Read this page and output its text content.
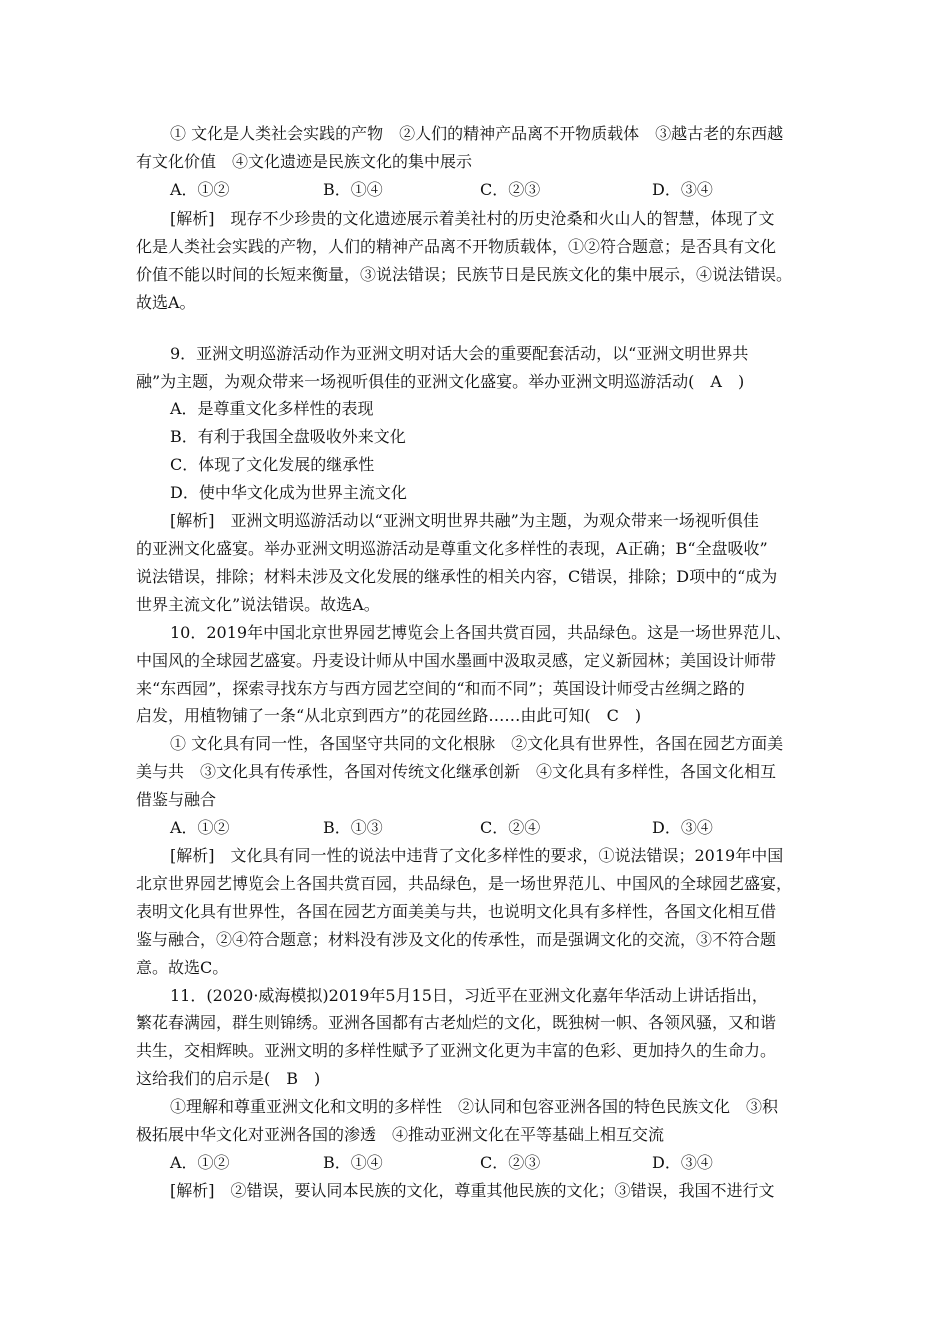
① 文化是人类社会实践的产物　②人们的精神产品离不开物质载体　③越古老的东西越
有文化价值　④文化遗迹是民族文化的集中展示
A．①②	B．①④	C．②③	D．③④
[解析]　现存不少珍贵的文化遗迹展示着美社村的历史沧桑和火山人的智慧，体现了文
化是人类社会实践的产物，人们的精神产品离不开物质载体，①②符合题意；是否具有文化
价值不能以时间的长短来衡量，③说法错误；民族节日是民族文化的集中展示，④说法错误。
故选A。
9．亚洲文明巡游活动作为亚洲文明对话大会的重要配套活动，以“亚洲文明世界共
融”为主题，为观众带来一场视听俱佳的亚洲文化盛宴。举办亚洲文明巡游活动(　A　)
A．是尊重文化多样性的表现
B．有利于我国全盘吸收外来文化
C．体现了文化发展的继承性
D．使中华文化成为世界主流文化
[解析]　亚洲文明巡游活动以“亚洲文明世界共融”为主题，为观众带来一场视听俱佳
的亚洲文化盛宴。举办亚洲文明巡游活动是尊重文化多样性的表现，A正确；B“全盘吸收”
说法错误，排除；材料未涉及文化发展的继承性的相关内容，C错误，排除；D项中的“成为
世界主流文化”说法错误。故选A。
10．2019年中国北京世界园艺博览会上各国共赏百园，共品绿色。这是一场世界范儿、
中国风的全球园艺盛宴。丹麦设计师从中国水墨画中汲取灵感，定义新园林；美国设计师带
来“东西园”，探索寻找东方与西方园艺空间的“和而不同”；英国设计师受古丝绸之路的
启发，用植物铺了一条“从北京到西方”的花园丝路……由此可知(　C　)
① 文化具有同一性，各国坚守共同的文化根脉　②文化具有世界性，各国在园艺方面美
美与共　③文化具有传承性，各国对传统文化继承创新　④文化具有多样性，各国文化相互
借鉴与融合
A．①②	B．①③	C．②④	D．③④
[解析]　文化具有同一性的说法中违背了文化多样性的要求，①说法错误；2019年中国
北京世界园艺博览会上各国共赏百园，共品绿色，是一场世界范儿、中国风的全球园艺盛宴，
表明文化具有世界性，各国在园艺方面美美与共，也说明文化具有多样性，各国文化相互借
鉴与融合，②④符合题意；材料没有涉及文化的传承性，而是强调文化的交流，③不符合题
意。故选C。
11．(2020·威海模拟)2019年5月15日，习近平在亚洲文化嘉年华活动上讲话指出，
繁花春满园，群生则锦绣。亚洲各国都有古老灿烂的文化，既独树一帜、各领风骚，又和谐
共生，交相辉映。亚洲文明的多样性赋予了亚洲文化更为丰富的色彩、更加持久的生命力。
这给我们的启示是(　B　)
①理解和尊重亚洲文化和文明的多样性　②认同和包容亚洲各国的特色民族文化　③积
极拓展中华文化对亚洲各国的渗透　④推动亚洲文化在平等基础上相互交流
A．①②	B．①④	C．②③	D．③④
[解析]　②错误，要认同本民族的文化，尊重其他民族的文化；③错误，我国不进行文
